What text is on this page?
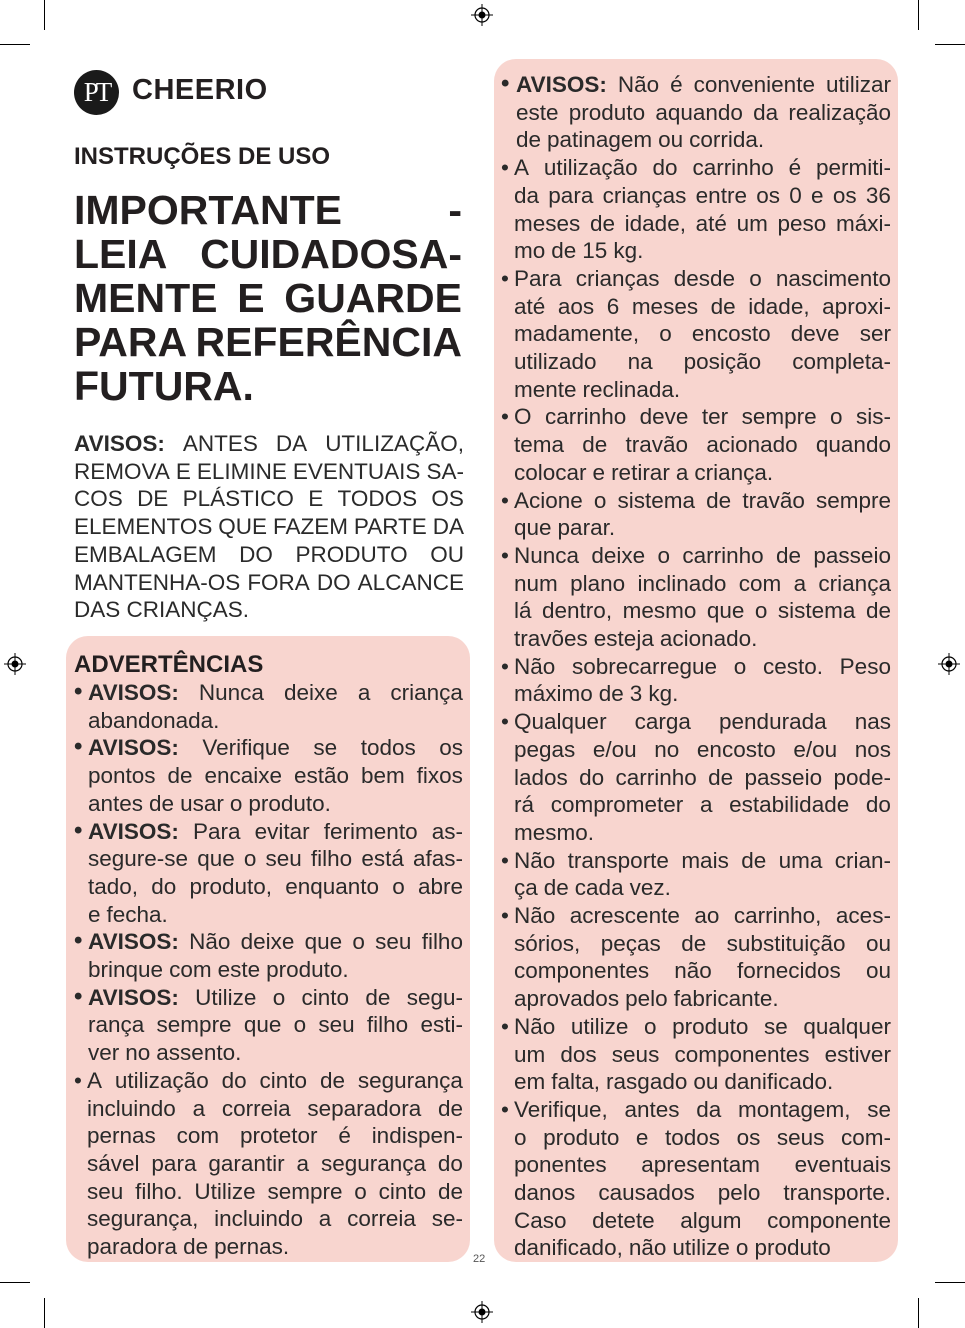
PT CHEERIO
INSTRUÇÕES DE USO
IMPORTANTE	-
LEIA CUIDADOSA-
MENTE E GUARDE
PARA REFERÊNCIA
FUTURA.
AVISOS: ANTES DA UTILIZAÇÃO,
REMOVA E ELIMINE EVENTUAIS SA-
COS DE PLÁSTICO E TODOS OS
ELEMENTOS QUE FAZEM PARTE DA
EMBALAGEM DO PRODUTO OU
MANTENHA-OS FORA DO ALCANCE
DAS CRIANÇAS.
ADVERTÊNCIAS
• AVISOS: Nunca deixe a criança
abandonada.
• AVISOS: Verifique se todos os
pontos de encaixe estão bem fixos
antes de usar o produto.
• AVISOS: Para evitar ferimento as-
segure-se que o seu filho está afas-
tado, do produto, enquanto o abre
e fecha.
• AVISOS: Não deixe que o seu filho
brinque com este produto.
• AVISOS: Utilize o cinto de segu-
rança sempre que o seu filho esti-
ver no assento.
• A utilização do cinto de segurança
incluindo a correia separadora de
pernas com protetor é indispen-
sável para garantir a segurança do
seu filho. Utilize sempre o cinto de
segurança, incluindo a correia se-
paradora de pernas.
• AVISOS: Não é conveniente utilizar
este produto aquando da realização
de patinagem ou corrida.
• A utilização do carrinho é permiti-
da para crianças entre os 0 e os 36
meses de idade, até um peso máxi-
mo de 15 kg.
• Para crianças desde o nascimento
até aos 6 meses de idade, aproxi-
madamente, o encosto deve ser
utilizado na posição completa-
mente reclinada.
• O carrinho deve ter sempre o sis-
tema de travão acionado quando
colocar e retirar a criança.
• Acione o sistema de travão sempre
que parar.
• Nunca deixe o carrinho de passeio
num plano inclinado com a criança
lá dentro, mesmo que o sistema de
travões esteja acionado.
• Não sobrecarregue o cesto. Peso
máximo de 3 kg.
• Qualquer carga pendurada nas
pegas e/ou no encosto e/ou nos
lados do carrinho de passeio pode-
rá comprometer a estabilidade do
mesmo.
• Não transporte mais de uma crian-
ça de cada vez.
• Não acrescente ao carrinho, aces-
sórios, peças de substituição ou
componentes não fornecidos ou
aprovados pelo fabricante.
• Não utilize o produto se qualquer
um dos seus componentes estiver
em falta, rasgado ou danificado.
• Verifique, antes da montagem, se
o produto e todos os seus com-
ponentes apresentam eventuais
danos causados pelo transporte.
Caso detete algum componente
danificado, não utilize o produto
22
